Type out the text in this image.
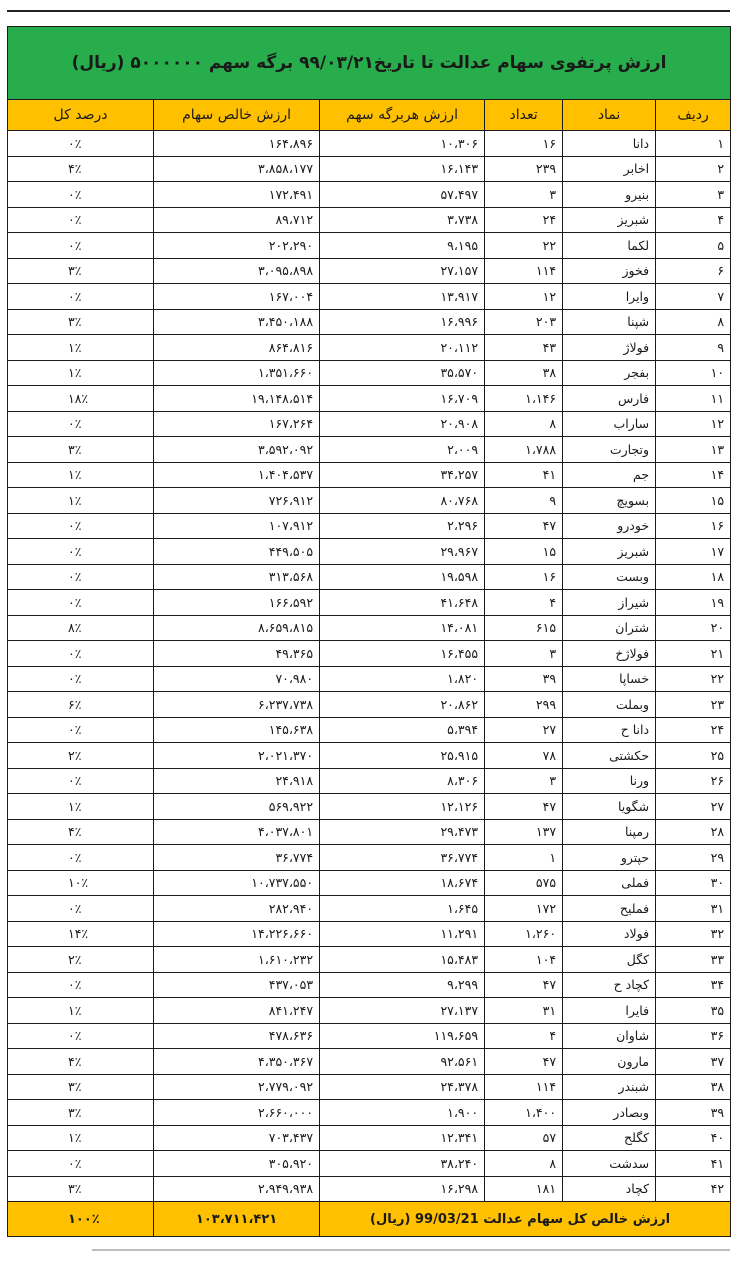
ارزش پرتفوی سهام عدالت تا تاریخ۹۹/۰۳/۲۱ برگه سهم ۵۰۰۰۰۰۰ (ریال)					
ردیف	نماد	تعداد	ارزش هربرگه سهم	ارزش خالص سهام	درصد کل
۱	دانا	۱۶	۱۰،۳۰۶	۱۶۴،۸۹۶	۰٪
۲	اخابر	۲۳۹	۱۶،۱۴۳	۳،۸۵۸،۱۷۷	۴٪
۳	بنیرو	۳	۵۷،۴۹۷	۱۷۲،۴۹۱	۰٪
۴	شبریز	۲۴	۳،۷۳۸	۸۹،۷۱۲	۰٪
۵	لکما	۲۲	۹،۱۹۵	۲۰۲،۲۹۰	۰٪
۶	فخوز	۱۱۴	۲۷،۱۵۷	۳،۰۹۵،۸۹۸	۳٪
۷	وایرا	۱۲	۱۳،۹۱۷	۱۶۷،۰۰۴	۰٪
۸	شپنا	۲۰۳	۱۶،۹۹۶	۳،۴۵۰،۱۸۸	۳٪
۹	فولاژ	۴۳	۲۰،۱۱۲	۸۶۴،۸۱۶	۱٪
۱۰	بفجر	۳۸	۳۵،۵۷۰	۱،۳۵۱،۶۶۰	۱٪
۱۱	فارس	۱،۱۴۶	۱۶،۷۰۹	۱۹،۱۴۸،۵۱۴	۱۸٪
۱۲	ساراب	۸	۲۰،۹۰۸	۱۶۷،۲۶۴	۰٪
۱۳	وتجارت	۱،۷۸۸	۲،۰۰۹	۳،۵۹۲،۰۹۲	۳٪
۱۴	جم	۴۱	۳۴،۲۵۷	۱،۴۰۴،۵۳۷	۱٪
۱۵	بسویچ	۹	۸۰،۷۶۸	۷۲۶،۹۱۲	۱٪
۱۶	خودرو	۴۷	۲،۲۹۶	۱۰۷،۹۱۲	۰٪
۱۷	شبریز	۱۵	۲۹،۹۶۷	۴۴۹،۵۰۵	۰٪
۱۸	وبست	۱۶	۱۹،۵۹۸	۳۱۳،۵۶۸	۰٪
۱۹	شیراز	۴	۴۱،۶۴۸	۱۶۶،۵۹۲	۰٪
۲۰	شتران	۶۱۵	۱۴،۰۸۱	۸،۶۵۹،۸۱۵	۸٪
۲۱	فولاژخ	۳	۱۶،۴۵۵	۴۹،۳۶۵	۰٪
۲۲	خساپا	۳۹	۱،۸۲۰	۷۰،۹۸۰	۰٪
۲۳	وبملت	۲۹۹	۲۰،۸۶۲	۶،۲۳۷،۷۳۸	۶٪
۲۴	دانا ح	۲۷	۵،۳۹۴	۱۴۵،۶۳۸	۰٪
۲۵	حکشتی	۷۸	۲۵،۹۱۵	۲،۰۲۱،۳۷۰	۲٪
۲۶	ورنا	۳	۸،۳۰۶	۲۴،۹۱۸	۰٪
۲۷	شگویا	۴۷	۱۲،۱۲۶	۵۶۹،۹۲۲	۱٪
۲۸	رمپنا	۱۳۷	۲۹،۴۷۳	۴،۰۳۷،۸۰۱	۴٪
۲۹	حپترو	۱	۳۶،۷۷۴	۳۶،۷۷۴	۰٪
۳۰	فملی	۵۷۵	۱۸،۶۷۴	۱۰،۷۳۷،۵۵۰	۱۰٪
۳۱	فملیح	۱۷۲	۱،۶۴۵	۲۸۲،۹۴۰	۰٪
۳۲	فولاد	۱،۲۶۰	۱۱،۲۹۱	۱۴،۲۲۶،۶۶۰	۱۴٪
۳۳	کگل	۱۰۴	۱۵،۴۸۳	۱،۶۱۰،۲۳۲	۲٪
۳۴	کچاد ح	۴۷	۹،۲۹۹	۴۳۷،۰۵۳	۰٪
۳۵	فایرا	۳۱	۲۷،۱۳۷	۸۴۱،۲۴۷	۱٪
۳۶	شاوان	۴	۱۱۹،۶۵۹	۴۷۸،۶۳۶	۰٪
۳۷	مارون	۴۷	۹۲،۵۶۱	۴،۳۵۰،۳۶۷	۴٪
۳۸	شبندر	۱۱۴	۲۴،۳۷۸	۲،۷۷۹،۰۹۲	۳٪
۳۹	وبصادر	۱،۴۰۰	۱،۹۰۰	۲،۶۶۰،۰۰۰	۳٪
۴۰	کگلح	۵۷	۱۲،۳۴۱	۷۰۳،۴۳۷	۱٪
۴۱	سدشت	۸	۳۸،۲۴۰	۳۰۵،۹۲۰	۰٪
۴۲	کچاد	۱۸۱	۱۶،۲۹۸	۲،۹۴۹،۹۳۸	۳٪
ارزش خالص کل سهام عدالت 99/03/21 (ریال)				۱۰۳،۷۱۱،۴۲۱	۱۰۰٪
